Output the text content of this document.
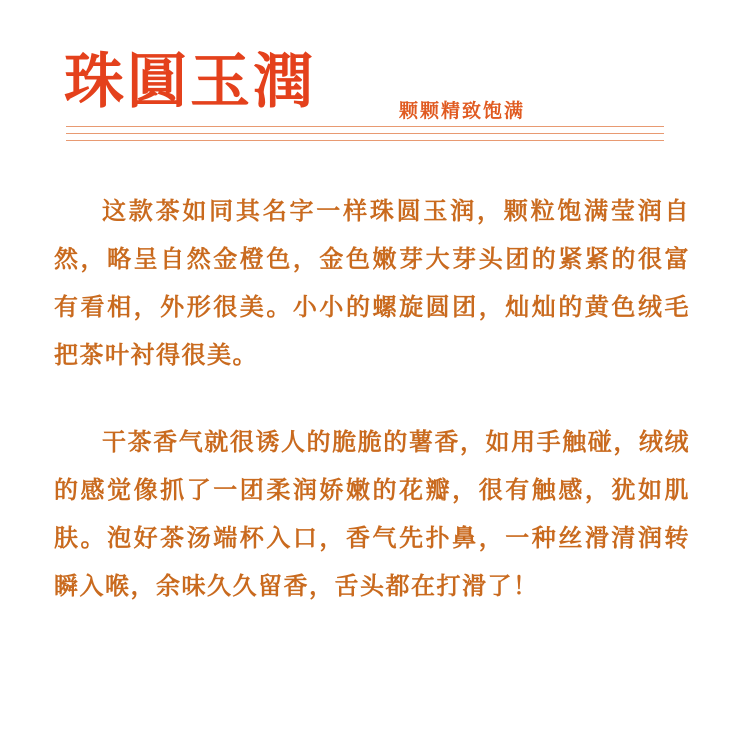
珠圓玉潤	颗颗精致饱满

这款茶如同其名字一样珠圆玉润，颗粒饱满莹润自然，略呈自然金橙色，金色嫩芽大芽头团的紧紧的很富有看相，外形很美。小小的螺旋圆团，灿灿的黄色绒毛把茶叶衬得很美。

干茶香气就很诱人的脆脆的薯香，如用手触碰，绒绒的感觉像抓了一团柔润娇嫩的花瓣，很有触感，犹如肌肤。泡好茶汤端杯入口，香气先扑鼻，一种丝滑清润转瞬入喉，余味久久留香，舌头都在打滑了！
